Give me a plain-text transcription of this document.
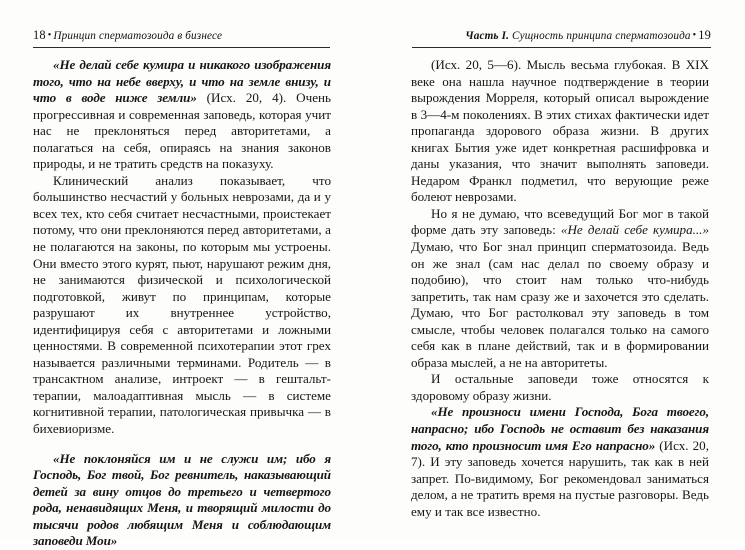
18 • Принцип сперматозоида в бизнесе

«Не делай себе кумира и никакого изображения того, что на небе вверху, и что на земле внизу, и что в воде ниже земли» (Исх. 20, 4). Очень прогрессивная и современная заповедь, которая учит нас не преклоняться перед авторитетами, а полагаться на себя, опираясь на знания законов природы, и не тратить средств на показуху.

Клинический анализ показывает, что большинство несчастий у больных неврозами, да и у всех тех, кто себя считает несчастными, проистекает потому, что они преклоняются перед авторитетами, а не полагаются на законы, по которым мы устроены. Они вместо этого курят, пьют, нарушают режим дня, не занимаются физической и психологической подготовкой, живут по принципам, которые разрушают их внутреннее устройство, идентифицируя себя с авторитетами и ложными ценностями. В современной психотерапии этот грех называется различными терминами. Родитель — в трансактном анализе, интроект — в гештальт-терапии, малоадаптивная мысль — в системе когнитивной терапии, патологическая привычка — в бихевиоризме.

«Не поклоняйся им и не служи им; ибо я Господь, Бог твой, Бог ревнитель, наказывающий детей за вину отцов до третьего и четвертого рода, ненавидящих Меня, и творящий милости до тысячи родов любящим Меня и соблюдающим заповеди Мои»

Часть I. Сущность принципа сперматозоида • 19

(Исх. 20, 5—6). Мысль весьма глубокая. В XIX веке она нашла научное подтверждение в теории вырождения Морреля, который описал вырождение в 3—4-м поколениях. В этих стихах фактически идет пропаганда здорового образа жизни. В других книгах Бытия уже идет конкретная расшифровка и даны указания, что значит выполнять заповеди. Недаром Франкл подметил, что верующие реже болеют неврозами.

Но я не думаю, что всеведущий Бог мог в такой форме дать эту заповедь: «Не делай себе кумира...» Думаю, что Бог знал принцип сперматозоида. Ведь он же знал (сам нас делал по своему образу и подобию), что стоит нам только что-нибудь запретить, так нам сразу же и захочется это сделать. Думаю, что Бог растолковал эту заповедь в том смысле, чтобы человек полагался только на самого себя как в плане действий, так и в формировании образа мыслей, а не на авторитеты.

И остальные заповеди тоже относятся к здоровому образу жизни.

«Не произноси имени Господа, Бога твоего, напрасно; ибо Господь не оставит без наказания того, кто произносит имя Его напрасно» (Исх. 20, 7). И эту заповедь хочется нарушить, так как в ней запрет. По-видимому, Бог рекомендовал заниматься делом, а не тратить время на пустые разговоры. Ведь ему и так все известно.
